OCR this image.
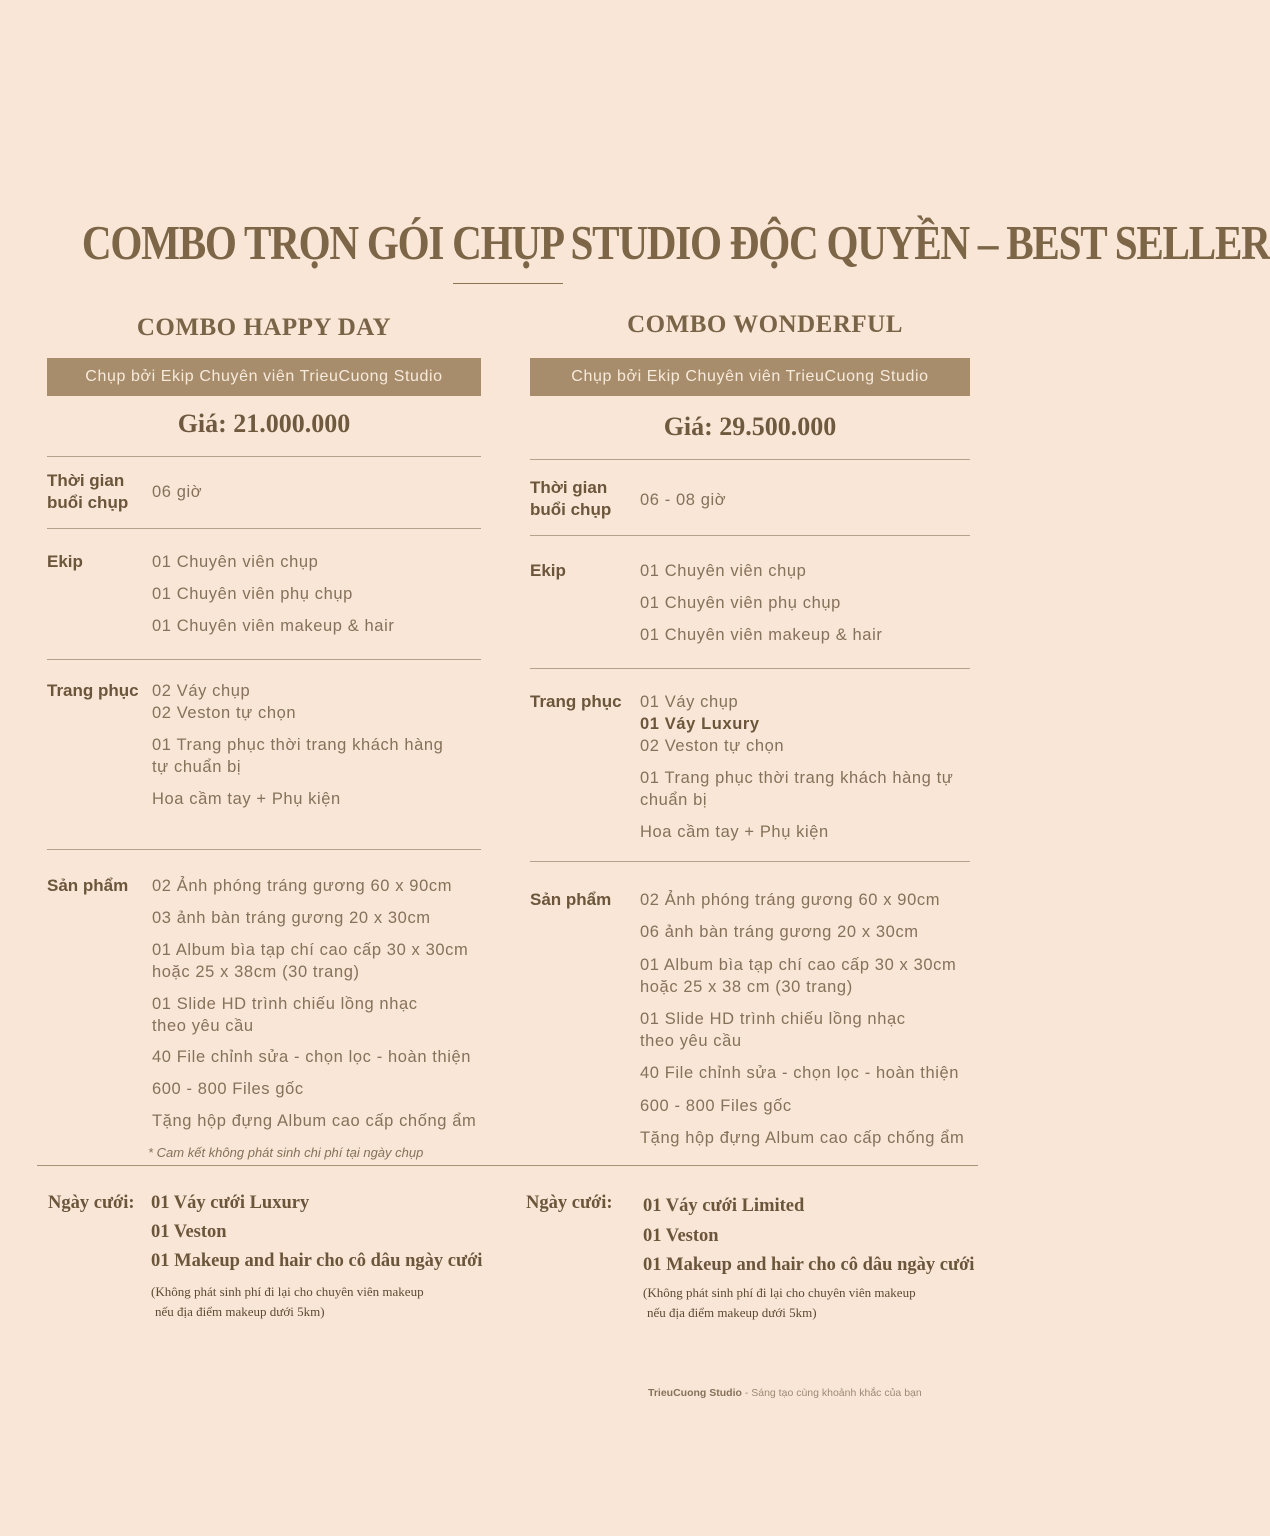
COMBO TRỌN GÓI CHỤP STUDIO ĐỘC QUYỀN – BEST SELLER
COMBO HAPPY DAY
Chụp bởi Ekip Chuyên viên TrieuCuong Studio
Giá: 21.000.000
Thời gian
buổi chụp
06 giờ
Ekip	01 Chuyên viên chụp
01 Chuyên viên phụ chụp
01 Chuyên viên makeup & hair
Trang phục 02 Váy chụp
02 Veston tự chọn
01 Trang phục thời trang khách hàng
tự chuẩn bị
Hoa cầm tay + Phụ kiện
Sản phẩm 02 Ảnh phóng tráng gương 60 x 90cm
03 ảnh bàn tráng gương 20 x 30cm
01 Album bìa tạp chí cao cấp 30 x 30cm
hoặc 25 x 38cm (30 trang)
01 Slide HD trình chiếu lồng nhạc
theo yêu cầu
40 File chỉnh sửa - chọn lọc - hoàn thiện
600 - 800 Files gốc
Tặng hộp đựng Album cao cấp chống ẩm
* Cam kết không phát sinh chi phí tại ngày chụp
COMBO WONDERFUL
Chụp bởi Ekip Chuyên viên TrieuCuong Studio
Giá: 29.500.000
Thời gian
buổi chụp 06 - 08 giờ
Ekip	01 Chuyên viên chụp
01 Chuyên viên phụ chụp
01 Chuyên viên makeup & hair
Trang phục 01 Váy chụp
01 Váy Luxury
02 Veston tự chọn
01 Trang phục thời trang khách hàng tự
chuẩn bị
Hoa cầm tay + Phụ kiện
Sản phẩm 02 Ảnh phóng tráng gương 60 x 90cm
06 ảnh bàn tráng gương 20 x 30cm
01 Album bìa tạp chí cao cấp 30 x 30cm
hoặc 25 x 38 cm (30 trang)
01 Slide HD trình chiếu lồng nhạc
theo yêu cầu
40 File chỉnh sửa - chọn lọc - hoàn thiện
600 - 800 Files gốc
Tặng hộp đựng Album cao cấp chống ẩm
Ngày cưới: 01 Váy cưới Luxury
01 Veston
01 Makeup and hair cho cô dâu ngày cưới
(Không phát sinh phí đi lại cho chuyên viên makeup
nếu địa điểm makeup dưới 5km)
Ngày cưới: 01 Váy cưới Limited
01 Veston
01 Makeup and hair cho cô dâu ngày cưới
(Không phát sinh phí đi lại cho chuyên viên makeup
nếu địa điểm makeup dưới 5km)
TrieuCuong Studio - Sáng tạo cùng khoảnh khắc của bạn
